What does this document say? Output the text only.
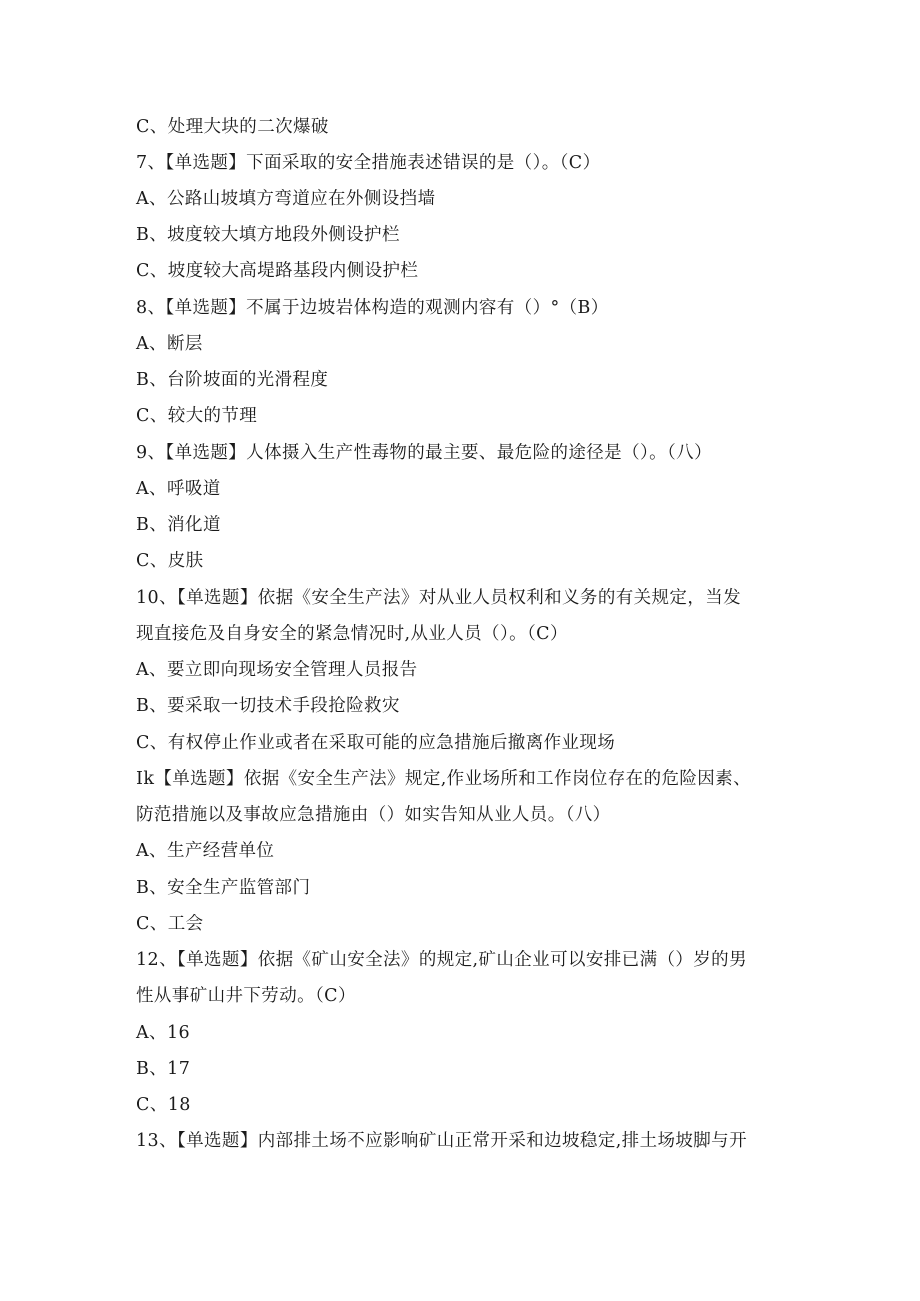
C、处理大块的二次爆破
7、【单选题】下面采取的安全措施表述错误的是（）。（C）
A、公路山坡填方弯道应在外侧设挡墙
B、坡度较大填方地段外侧设护栏
C、坡度较大高堤路基段内侧设护栏
8、【单选题】不属于边坡岩体构造的观测内容有（）°（B）
A、断层
B、台阶坡面的光滑程度
C、较大的节理
9、【单选题】人体摄入生产性毒物的最主要、最危险的途径是（）。（八）
A、呼吸道
B、消化道
C、皮肤
10、【单选题】依据《安全生产法》对从业人员权利和义务的有关规定，当发
现直接危及自身安全的紧急情况时,从业人员（）。（C）
A、要立即向现场安全管理人员报告
B、要采取一切技术手段抢险救灾
C、有权停止作业或者在采取可能的应急措施后撤离作业现场
Ik【单选题】依据《安全生产法》规定,作业场所和工作岗位存在的危险因素、
防范措施以及事故应急措施由（）如实告知从业人员。（八）
A、生产经营单位
B、安全生产监管部门
C、工会
12、【单选题】依据《矿山安全法》的规定,矿山企业可以安排已满（）岁的男
性从事矿山井下劳动。（C）
A、16
B、17
C、18
13、【单选题】内部排土场不应影响矿山正常开采和边坡稳定,排土场坡脚与开
